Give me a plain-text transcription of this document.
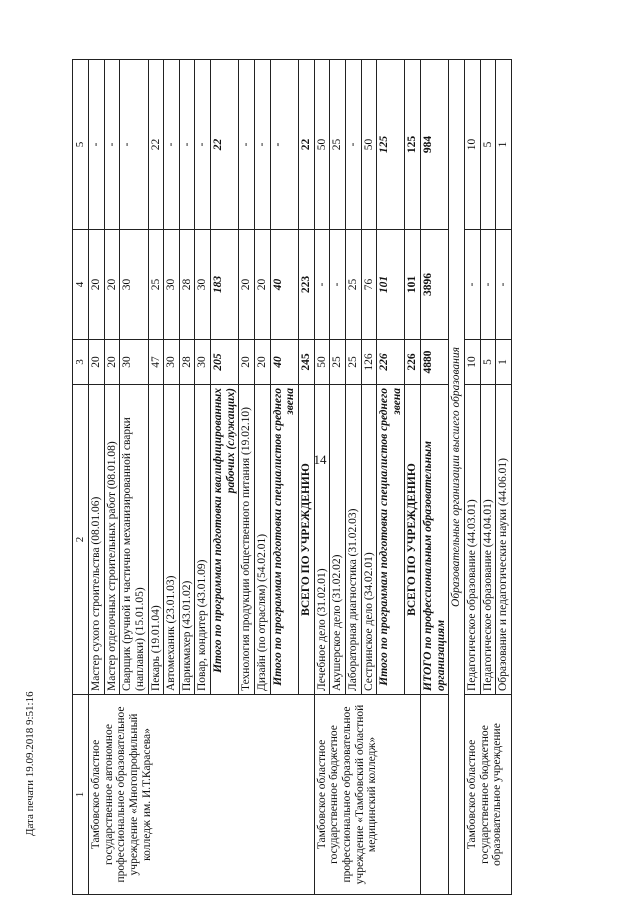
14
Дата печати 19.09.2018 9:51:16	1	2	3	4	5
Тамбовское областное государственное автономное профессиональное образовательное учреждение «Многопрофильный колледж им. И.Т.Карасева»	Мастер сухого строительства (08.01.06)	20	20	-
	Мастер отделочных строительных работ (08.01.08)	20	20	-
	Сварщик (ручной и частично механизированной сварки (наплавки) (15.01.05)	30	30	-
	Пекарь (19.01.04)	47	25	22
	Автомеханик (23.01.03)	30	30	-
	Парикмахер (43.01.02)	28	28	-
	Повар, кондитер (43.01.09)	30	30	-
	Итого по программам подготовки квалифицированных рабочих (служащих)	205	183	22
	Технология продукции общественного питания (19.02.10)	20	20	-
	Дизайн (по отраслям) (54.02.01)	20	20	-
	Итого по программам подготовки специалистов среднего звена	40	40	-
	ВСЕГО ПО УЧРЕЖДЕНИЮ	245	223	22
Тамбовское областное государственное бюджетное профессиональное образовательное учреждение «Тамбовский областной медицинский колледж»	Лечебное дело (31.02.01)	50	-	50
	Акушерское дело (31.02.02)	25	-	25
	Лабораторная диагностика (31.02.03)	25	25	-
	Сестринское дело (34.02.01)	126	76	50
	Итого по программам подготовки специалистов среднего звена	226	101	125
	ВСЕГО ПО УЧРЕЖДЕНИЮ	226	101	125
	ИТОГО по профессиональным образовательным организациям	4880	3896	984
Образовательные организации высшего образования				
Тамбовское областное государственное бюджетное образовательное учреждение	Педагогическое образование (44.03.01)	10	-	10
	Педагогическое образование (44.04.01)	5	-	5
	Образование и педагогические науки (44.06.01)	1	-	1
